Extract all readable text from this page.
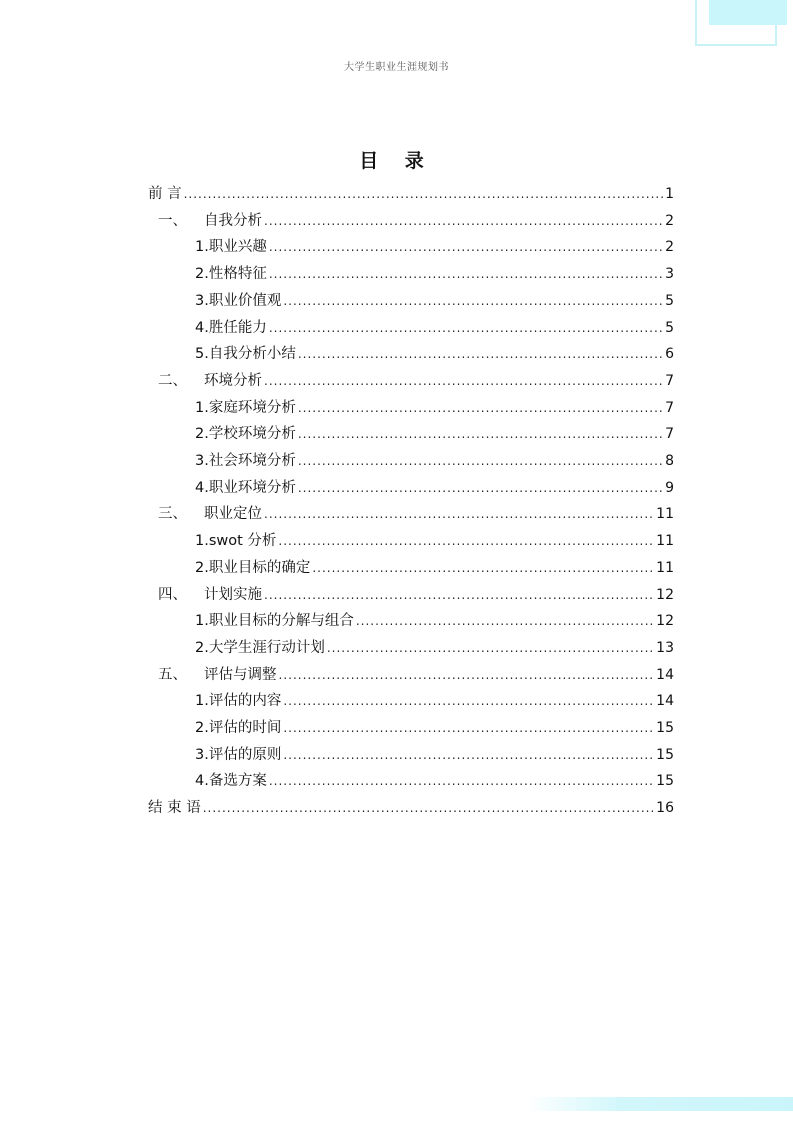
大学生职业生涯规划书
目 录
前 言 .....	1
一、	自我分析 .....	2
1.职业兴趣 .....	2
2.性格特征 .....	3
3.职业价值观 .....	5
4.胜任能力 .....	5
5.自我分析小结 .....	6
二、	环境分析 .....	7
1.家庭环境分析 .....	7
2.学校环境分析 .....	7
3.社会环境分析 .....	8
4.职业环境分析 .....	9
三、	职业定位 .....	11
1.swot 分析 .....	11
2.职业目标的确定 .....	11
四、	计划实施 .....	12
1.职业目标的分解与组合 .....	12
2.大学生涯行动计划 .....	13
五、	评估与调整 .....	14
1.评估的内容 .....	14
2.评估的时间 .....	15
3.评估的原则 .....	15
4.备选方案 .....	15
结 束 语 .....	16
